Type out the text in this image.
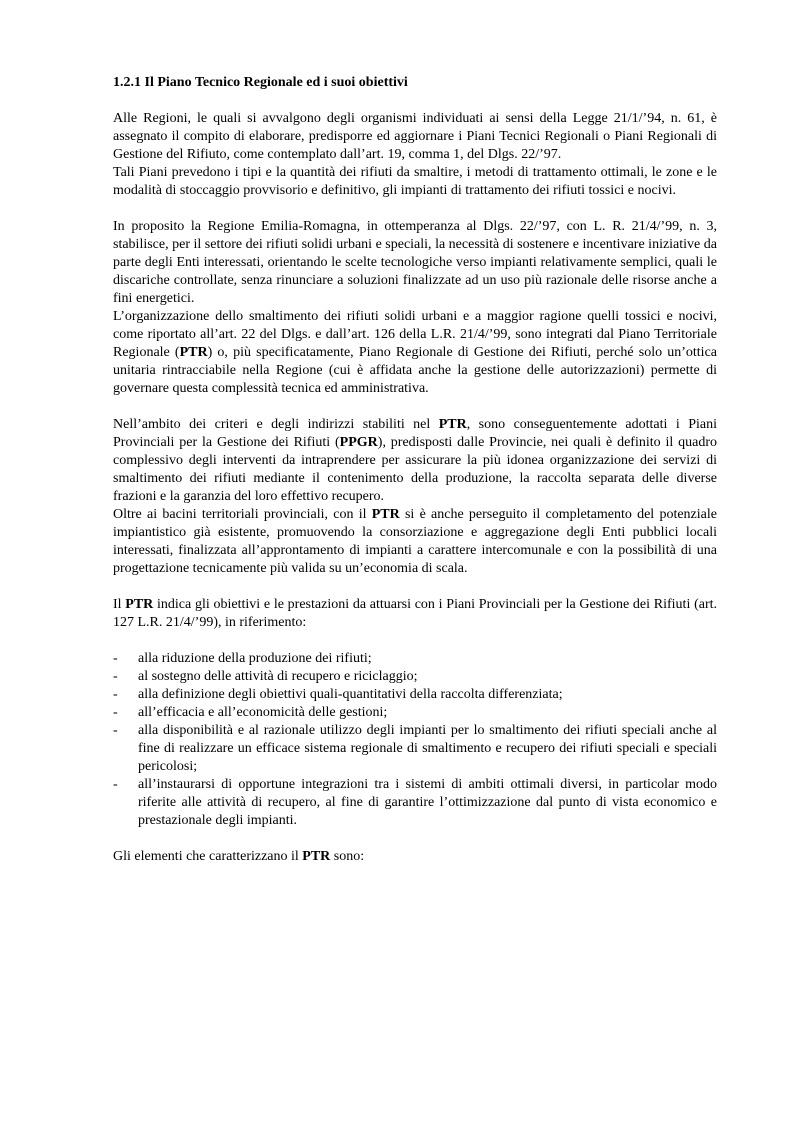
1.2.1 Il Piano Tecnico Regionale ed i suoi obiettivi

Alle Regioni, le quali si avvalgono degli organismi individuati ai sensi della Legge 21/1/’94, n. 61, è assegnato il compito di elaborare, predisporre ed aggiornare i Piani Tecnici Regionali o Piani Regionali di Gestione del Rifiuto, come contemplato dall’art. 19, comma 1, del Dlgs. 22/’97.

Tali Piani prevedono i tipi e la quantità dei rifiuti da smaltire, i metodi di trattamento ottimali, le zone e le modalità di stoccaggio provvisorio e definitivo, gli impianti di trattamento dei rifiuti tossici e nocivi.

In proposito la Regione Emilia-Romagna, in ottemperanza al Dlgs. 22/’97, con L. R. 21/4/’99, n. 3, stabilisce, per il settore dei rifiuti solidi urbani e speciali, la necessità di sostenere e incentivare iniziative da parte degli Enti interessati, orientando le scelte tecnologiche verso impianti relativamente semplici, quali le discariche controllate, senza rinunciare a soluzioni finalizzate ad un uso più razionale delle risorse anche a fini energetici.

L’organizzazione dello smaltimento dei rifiuti solidi urbani e a maggior ragione quelli tossici e nocivi, come riportato all’art. 22 del Dlgs. e dall’art. 126 della L.R. 21/4/’99, sono integrati dal Piano Territoriale Regionale (PTR) o, più specificatamente, Piano Regionale di Gestione dei Rifiuti, perché solo un’ottica unitaria rintracciabile nella Regione (cui è affidata anche la gestione delle autorizzazioni) permette di governare questa complessità tecnica ed amministrativa.

Nell’ambito dei criteri e degli indirizzi stabiliti nel PTR, sono conseguentemente adottati i Piani Provinciali per la Gestione dei Rifiuti (PPGR), predisposti dalle Provincie, nei quali è definito il quadro complessivo degli interventi da intraprendere per assicurare la più idonea organizzazione dei servizi di smaltimento dei rifiuti mediante il contenimento della produzione, la raccolta separata delle diverse frazioni e la garanzia del loro effettivo recupero.

Oltre ai bacini territoriali provinciali, con il PTR si è anche perseguito il completamento del potenziale impiantistico già esistente, promuovendo la consorziazione e aggregazione degli Enti pubblici locali interessati, finalizzata all’approntamento di impianti a carattere intercomunale e con la possibilità di una progettazione tecnicamente più valida su un’economia di scala.

Il PTR indica gli obiettivi e le prestazioni da attuarsi con i Piani Provinciali per la Gestione dei Rifiuti (art. 127 L.R. 21/4/’99), in riferimento:

- alla riduzione della produzione dei rifiuti;
- al sostegno delle attività di recupero e riciclaggio;
- alla definizione degli obiettivi quali-quantitativi della raccolta differenziata;
- all’efficacia e all’economicità delle gestioni;
- alla disponibilità e al razionale utilizzo degli impianti per lo smaltimento dei rifiuti speciali anche al fine di realizzare un efficace sistema regionale di smaltimento e recupero dei rifiuti speciali e speciali pericolosi;
- all’instaurarsi di opportune integrazioni tra i sistemi di ambiti ottimali diversi, in particolar modo riferite alle attività di recupero, al fine di garantire l’ottimizzazione dal punto di vista economico e prestazionale degli impianti.

Gli elementi che caratterizzano il PTR sono:
